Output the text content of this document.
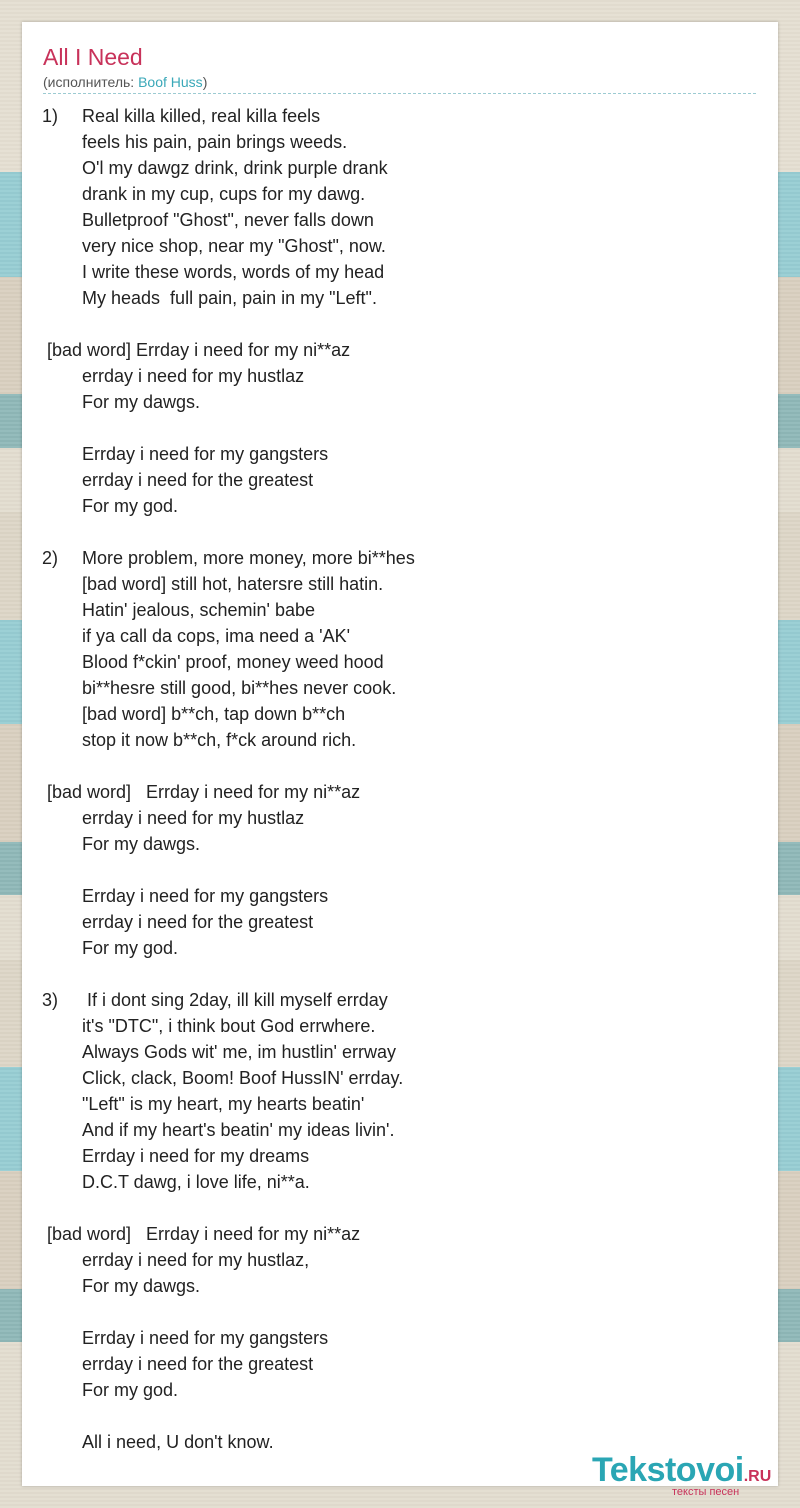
All I Need
(исполнитель: Boof Huss)
1)	Real killa killed, real killa feels
	feels his pain, pain brings weeds.
	O'l my dawgz drink, drink purple drank
	drank in my cup, cups for my dawg.
	Bulletproof "Ghost", never falls down
	very nice shop, near my "Ghost", now.
	I write these words, words of my head
	My heads  full pain, pain in my "Left".

[bad word] Errday i need for my ni**az
	errday i need for my hustlaz
	For my dawgs.

	Errday i need for my gangsters
	errday i need for the greatest
	For my god.

2)	More problem, more money, more bi**hes
	[bad word] still hot, hatersre still hatin.
	Hatin' jealous, schemin' babe
	if ya call da cops, ima need a 'AK'
	Blood f*ckin' proof, money weed hood
	bi**hesre still good, bi**hes never cook.
	[bad word] b**ch, tap down b**ch
	stop it now b**ch, f*ck around rich.

[bad word]   Errday i need for my ni**az
	errday i need for my hustlaz
	For my dawgs.

	Errday i need for my gangsters
	errday i need for the greatest
	For my god.

3)	If i dont sing 2day, ill kill myself errday
	it's "DTC", i think bout God errwhere.
	Always Gods wit' me, im hustlin' errway
	Click, clack, Boom! Boof HussIN' errday.
	"Left" is my heart, my hearts beatin'
	And if my heart's beatin' my ideas livin'.
	Errday i need for my dreams
	D.C.T dawg, i love life, ni**a.

[bad word]   Errday i need for my ni**az
	errday i need for my hustlaz,
	For my dawgs.

	Errday i need for my gangsters
	errday i need for the greatest
	For my god.

	All i need, U don't know.
Tekstovoi.RU
тексты песен
